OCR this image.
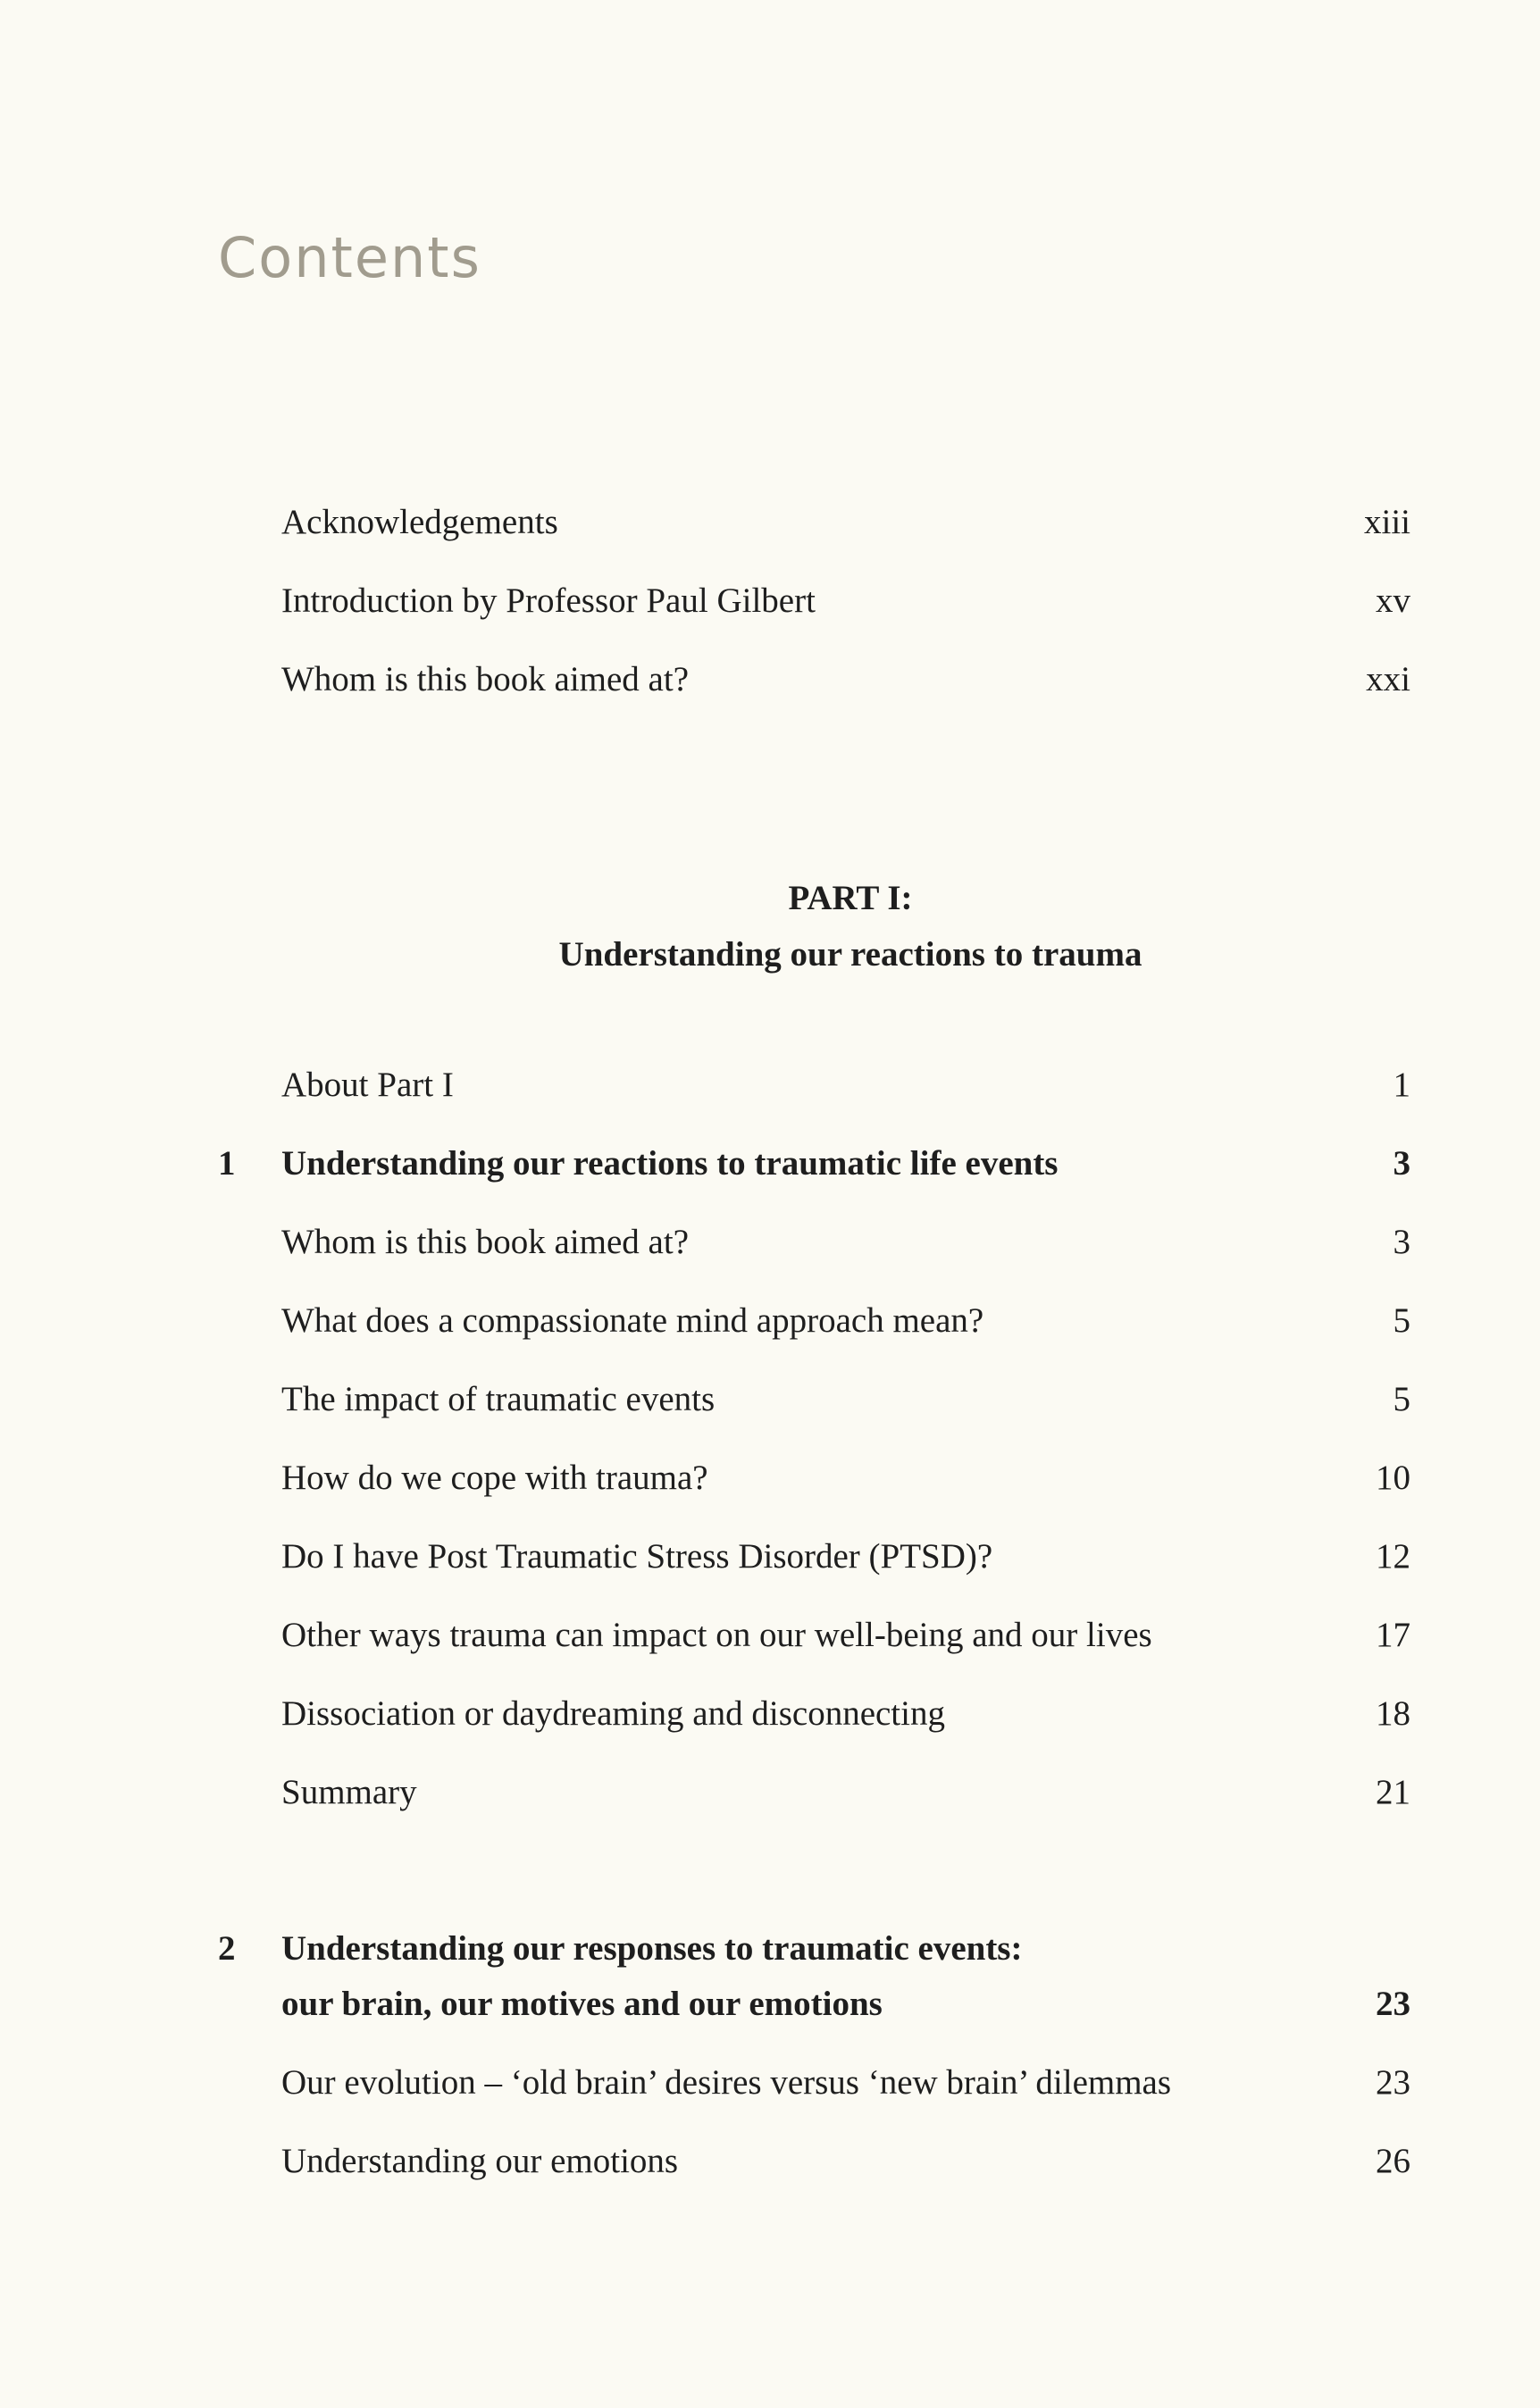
Contents
Acknowledgements	xiii
Introduction by Professor Paul Gilbert	xv
Whom is this book aimed at?	xxi
PART I:
Understanding our reactions to trauma
About Part I	1
1	Understanding our reactions to traumatic life events	3
Whom is this book aimed at?	3
What does a compassionate mind approach mean?	5
The impact of traumatic events	5
How do we cope with trauma?	10
Do I have Post Traumatic Stress Disorder (PTSD)?	12
Other ways trauma can impact on our well-being and our lives	17
Dissociation or daydreaming and disconnecting	18
Summary	21
2	Understanding our responses to traumatic events:
our brain, our motives and our emotions	23
Our evolution – ‘old brain’ desires versus ‘new brain’ dilemmas	23
Understanding our emotions	26
